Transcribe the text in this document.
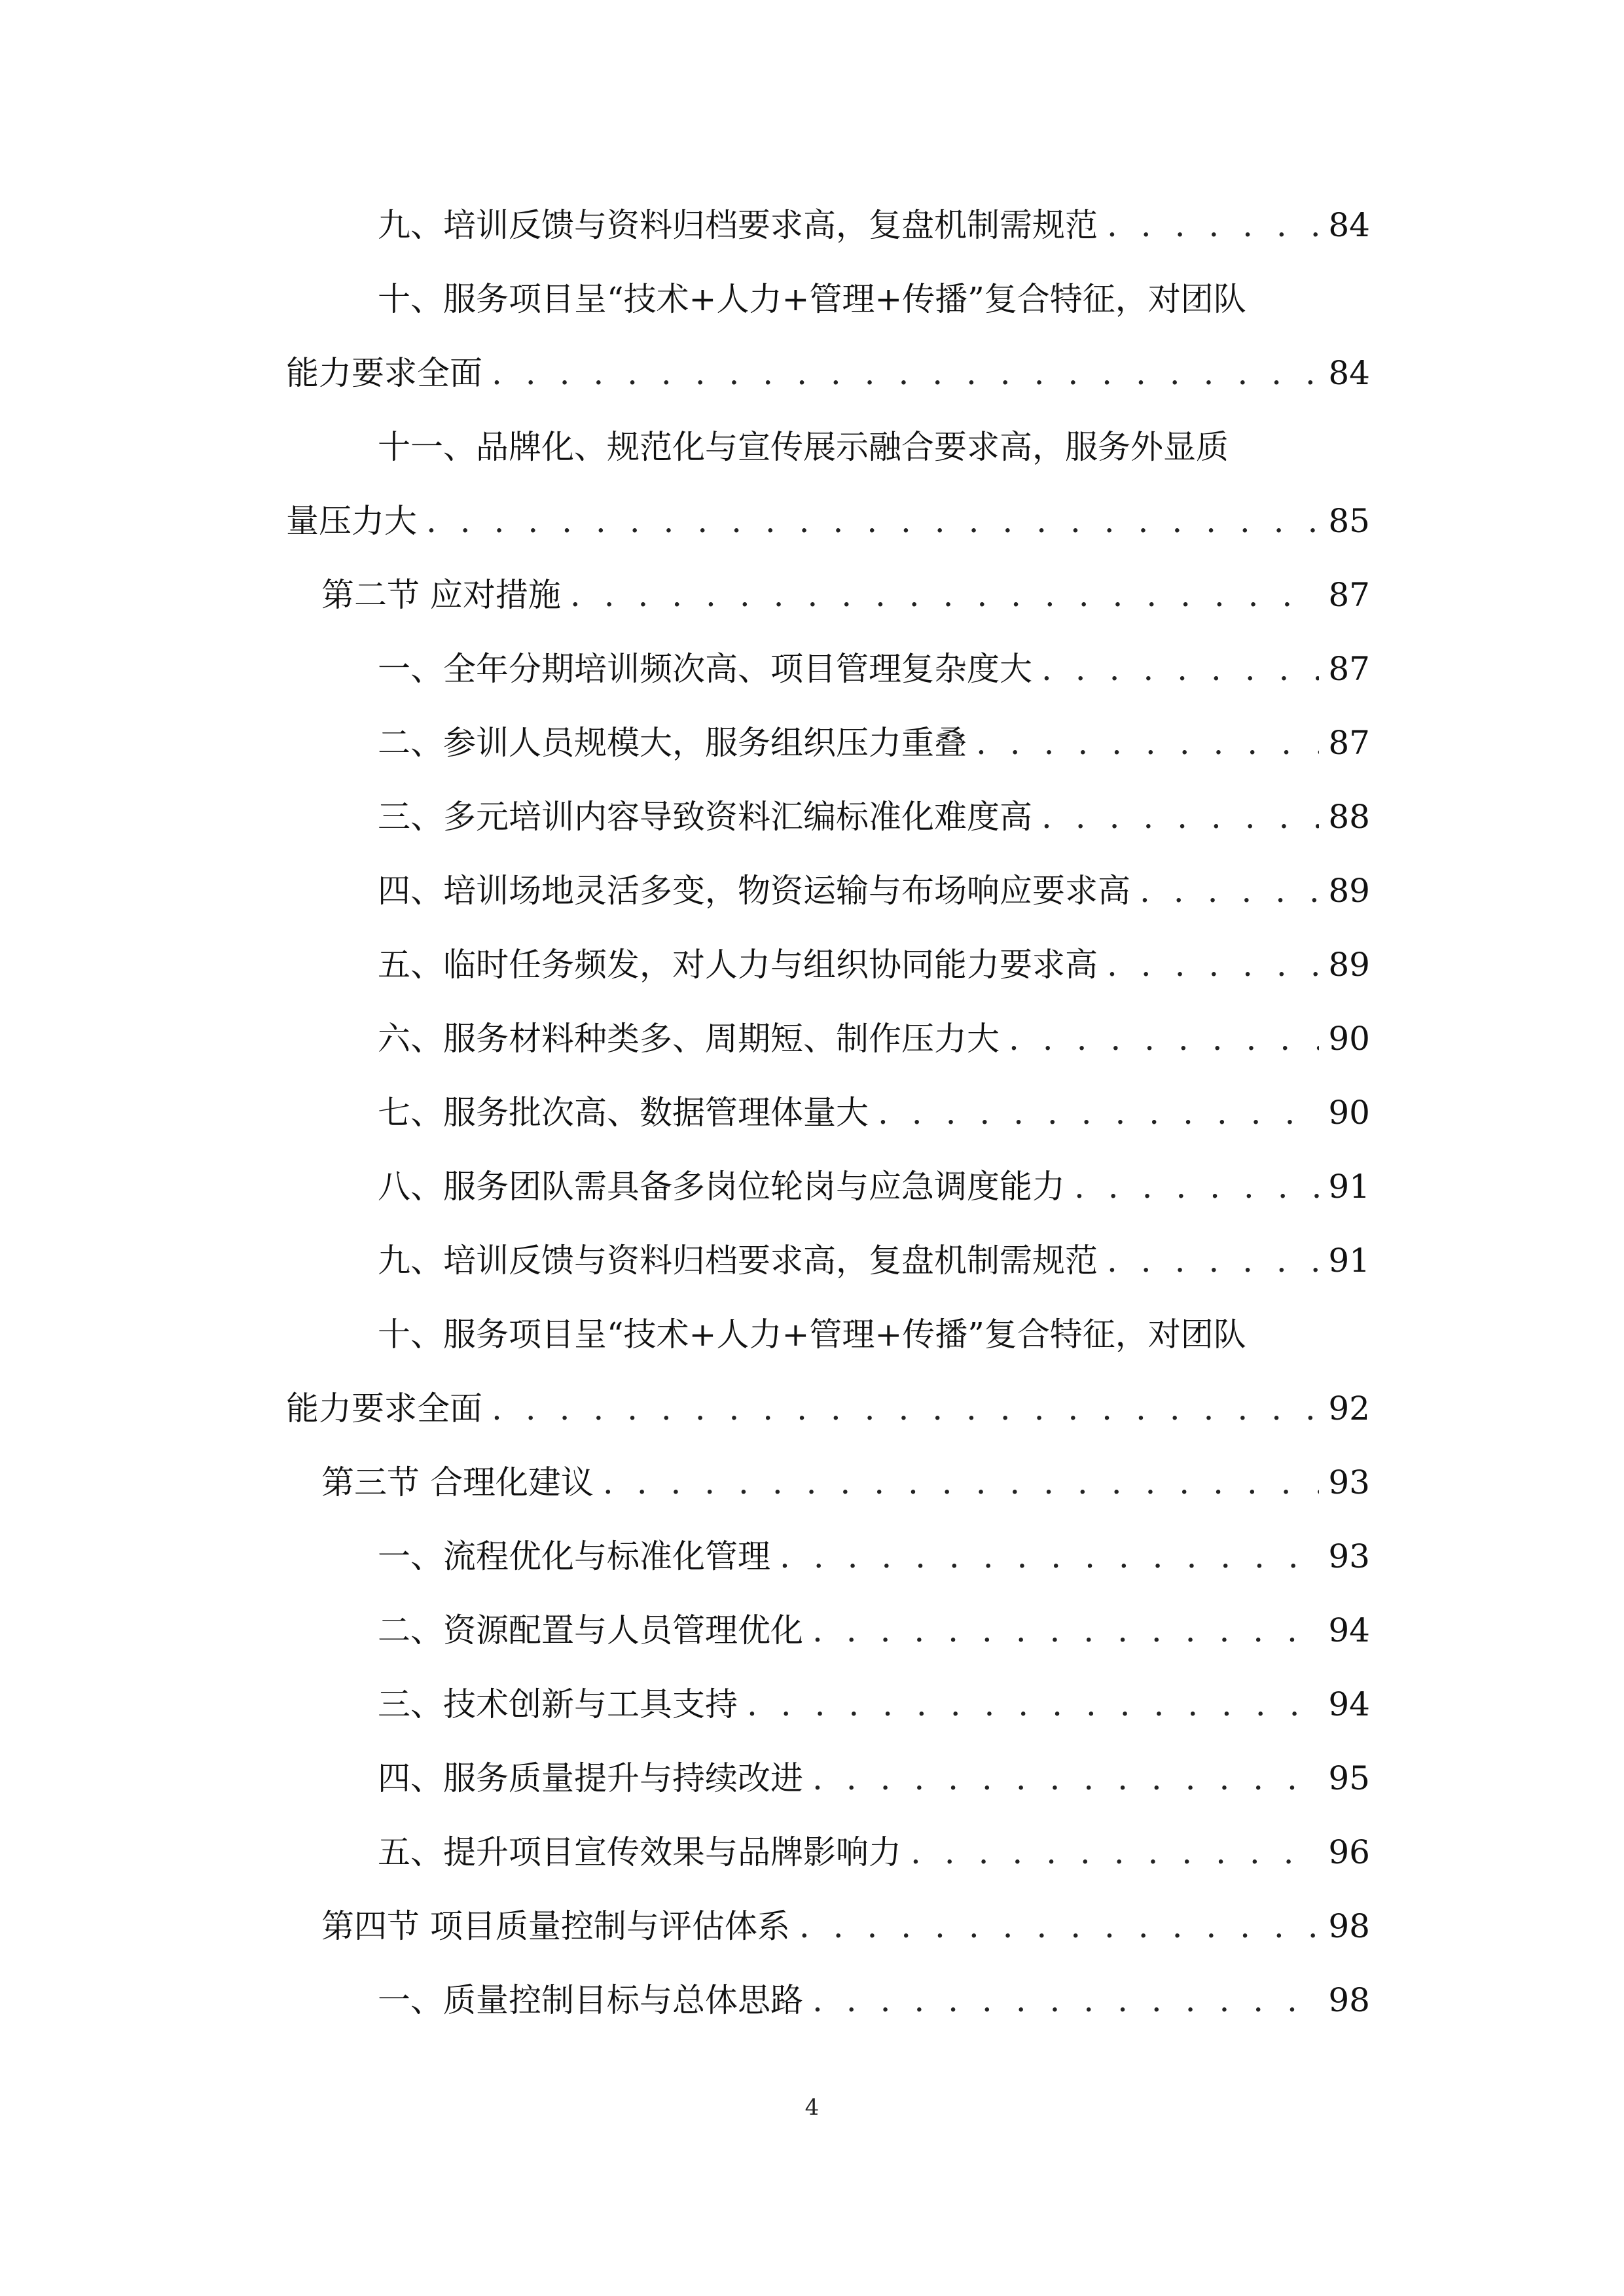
九、培训反馈与资料归档要求高，复盘机制需规范 . . .	84
十、服务项目呈“技术+人力+管理+传播”复合特征，对团队
能力要求全面 . . .	84
十一、品牌化、规范化与宣传展示融合要求高，服务外显质
量压力大 . . .	85
第二节 应对措施 . . .	87
一、全年分期培训频次高、项目管理复杂度大 . . .	87
二、参训人员规模大，服务组织压力重叠 . . .	87
三、多元培训内容导致资料汇编标准化难度高 . . .	88
四、培训场地灵活多变，物资运输与布场响应要求高 . . .	89
五、临时任务频发，对人力与组织协同能力要求高 . . .	89
六、服务材料种类多、周期短、制作压力大 . . .	90
七、服务批次高、数据管理体量大 . . .	90
八、服务团队需具备多岗位轮岗与应急调度能力 . . .	91
九、培训反馈与资料归档要求高，复盘机制需规范 . . .	91
十、服务项目呈“技术+人力+管理+传播”复合特征，对团队
能力要求全面 . . .	92
第三节 合理化建议 . . .	93
一、流程优化与标准化管理 . . .	93
二、资源配置与人员管理优化 . . .	94
三、技术创新与工具支持 . . .	94
四、服务质量提升与持续改进 . . .	95
五、提升项目宣传效果与品牌影响力 . . .	96
第四节 项目质量控制与评估体系 . . .	98
一、质量控制目标与总体思路 . . .	98
4
